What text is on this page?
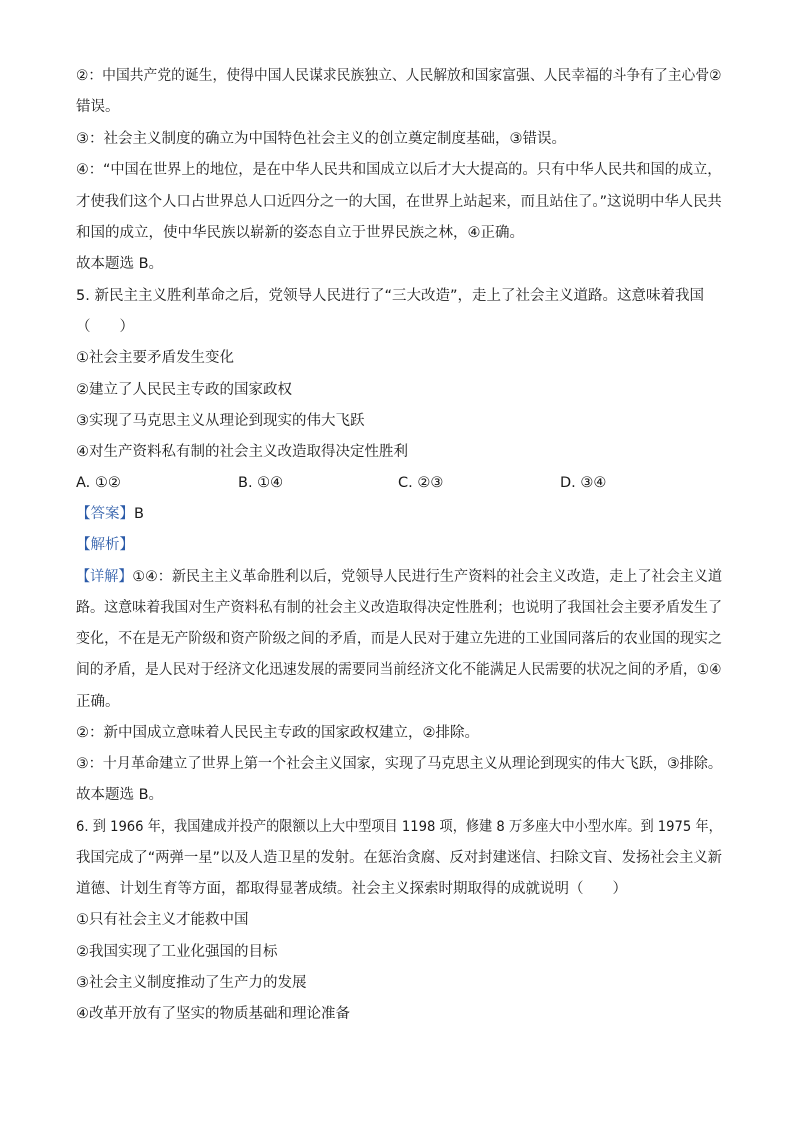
②：中国共产党的诞生，使得中国人民谋求民族独立、人民解放和国家富强、人民幸福的斗争有了主心骨②
错误。
③：社会主义制度的确立为中国特色社会主义的创立奠定制度基础，③错误。
④：“中国在世界上的地位，是在中华人民共和国成立以后才大大提高的。只有中华人民共和国的成立，
才使我们这个人口占世界总人口近四分之一的大国，在世界上站起来，而且站住了。”这说明中华人民共
和国的成立，使中华民族以崭新的姿态自立于世界民族之林，④正确。
故本题选 B。
5. 新民主主义胜利革命之后，党领导人民进行了“三大改造”，走上了社会主义道路。这意味着我国
（　　）
①社会主要矛盾发生变化
②建立了人民民主专政的国家政权
③实现了马克思主义从理论到现实的伟大飞跃
④对生产资料私有制的社会主义改造取得决定性胜利
A. ①②	B. ①④	C. ②③	D. ③④
【答案】B
【解析】
【详解】①④：新民主主义革命胜利以后，党领导人民进行生产资料的社会主义改造，走上了社会主义道
路。这意味着我国对生产资料私有制的社会主义改造取得决定性胜利；也说明了我国社会主要矛盾发生了
变化，不在是无产阶级和资产阶级之间的矛盾，而是人民对于建立先进的工业国同落后的农业国的现实之
间的矛盾，是人民对于经济文化迅速发展的需要同当前经济文化不能满足人民需要的状况之间的矛盾，①④
正确。
②：新中国成立意味着人民民主专政的国家政权建立，②排除。
③：十月革命建立了世界上第一个社会主义国家，实现了马克思主义从理论到现实的伟大飞跃，③排除。
故本题选 B。
6. 到 1966 年，我国建成并投产的限额以上大中型项目 1198 项，修建 8 万多座大中小型水库。到 1975 年，
我国完成了“两弹一星”以及人造卫星的发射。在惩治贪腐、反对封建迷信、扫除文盲、发扬社会主义新
道德、计划生育等方面，都取得显著成绩。社会主义探索时期取得的成就说明（　　）
①只有社会主义才能救中国
②我国实现了工业化强国的目标
③社会主义制度推动了生产力的发展
④改革开放有了坚实的物质基础和理论准备
